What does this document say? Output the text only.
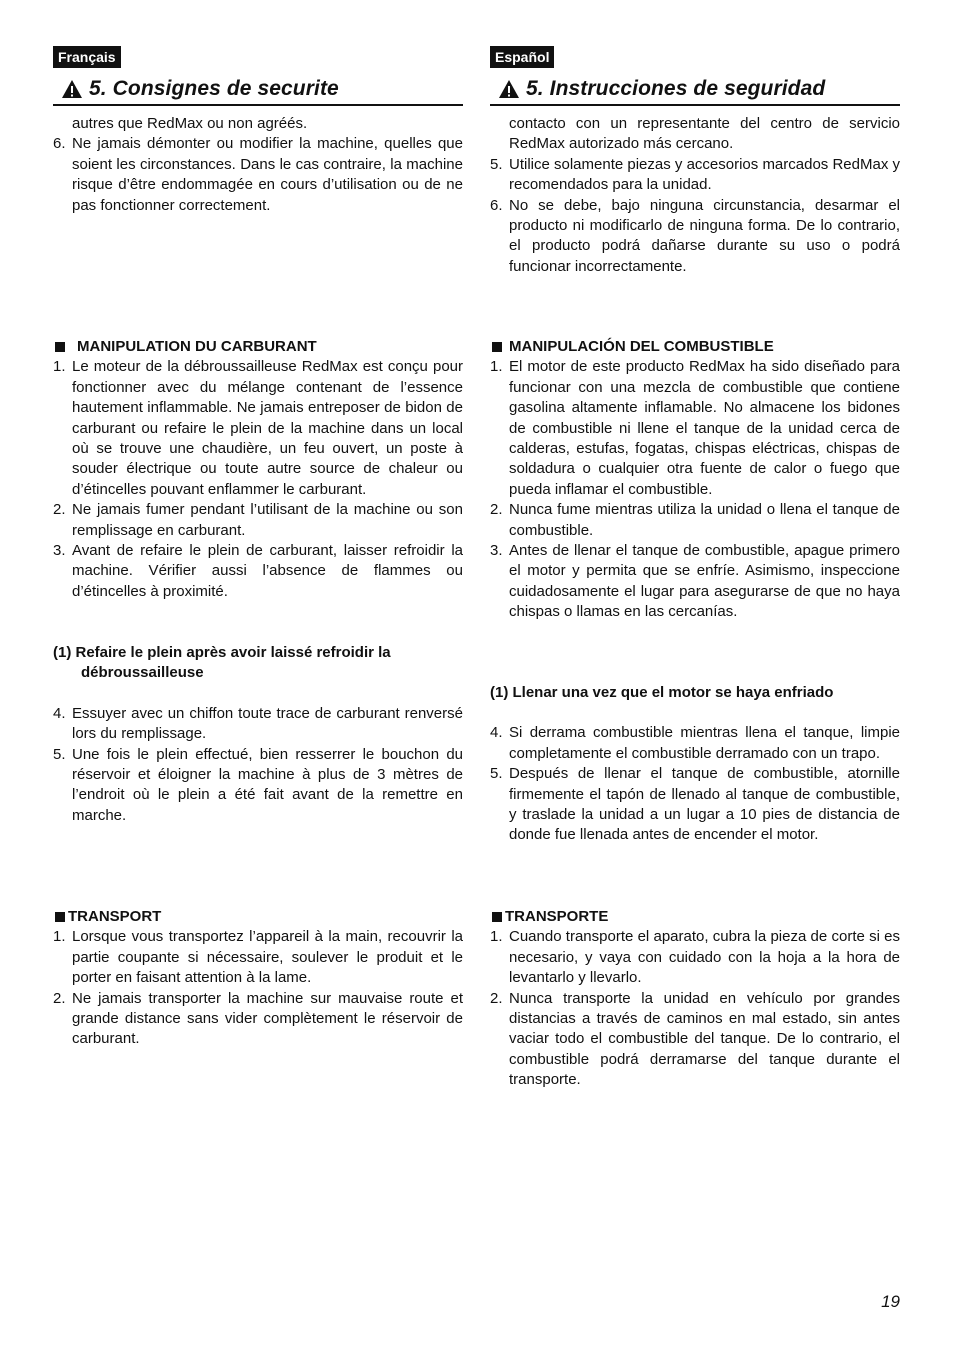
Français
5. Consignes de securite
autres que RedMax ou non agréés.
6. Ne jamais démonter ou modifier la machine, quelles que soient les circonstances. Dans le cas contraire, la machine risque d’être endommagée en cours d’utilisation ou de ne pas fonctionner correctement.
MANIPULATION DU CARBURANT
1. Le moteur de la débroussailleuse RedMax est conçu pour fonctionner avec du mélange contenant de l’essence hautement inflammable. Ne jamais entreposer de bidon de carburant ou refaire le plein de la machine dans un local où se trouve une chaudière, un feu ouvert, un poste à souder électrique ou toute autre source de chaleur ou d’étincelles pouvant enflammer le carburant.
2. Ne jamais fumer pendant l’utilisant de la machine ou son remplissage en carburant.
3. Avant de refaire le plein de carburant, laisser refroidir la machine. Vérifier aussi l’absence de flammes ou d’étincelles à proximité.
(1) Refaire le plein après avoir laissé refroidir la
débroussailleuse
4. Essuyer avec un chiffon toute trace de carburant renversé lors du remplissage.
5. Une fois le plein effectué, bien resserrer le bouchon du réservoir et éloigner la machine à plus de 3 mètres de l’endroit où le plein a été fait avant de la remettre en marche.
TRANSPORT
1. Lorsque vous transportez l’appareil à la main, recouvrir la partie coupante si nécessaire, soulever le produit et le porter en faisant attention à la lame.
2. Ne jamais transporter la machine sur mauvaise route et grande distance sans vider complètement le réservoir de carburant.
Español
5. Instrucciones de seguridad
contacto con un representante del centro de servicio RedMax autorizado más cercano.
5. Utilice solamente piezas y accesorios marcados RedMax y recomendados para la unidad.
6. No se debe, bajo ninguna circunstancia, desarmar el producto ni modificarlo de ninguna forma. De lo contrario, el producto podrá dañarse durante su uso o podrá funcionar incorrectamente.
MANIPULACIÓN DEL COMBUSTIBLE
1. El motor de este producto RedMax ha sido diseñado para funcionar con una mezcla de combustible que contiene gasolina altamente inflamable. No almacene los bidones de combustible ni llene el tanque de la unidad cerca de calderas, estufas, fogatas, chispas eléctricas, chispas de soldadura o cualquier otra fuente de calor o fuego que pueda inflamar el combustible.
2. Nunca fume mientras utiliza la unidad o llena el tanque de combustible.
3. Antes de llenar el tanque de combustible, apague primero el motor y permita que se enfríe. Asimismo, inspeccione cuidadosamente el lugar para asegurarse de que no haya chispas o llamas en las cercanías.
(1) Llenar una vez que el motor se haya enfriado
4. Si derrama combustible mientras llena el tanque, limpie completamente el combustible derramado con un trapo.
5. Después de llenar el tanque de combustible, atornille firmemente el tapón de llenado al tanque de combustible, y traslade la unidad a un lugar a 10 pies de distancia de donde fue llenada antes de encender el motor.
TRANSPORTE
1. Cuando transporte el aparato, cubra la pieza de corte si es necesario, y vaya con cuidado con la hoja a la hora de levantarlo y llevarlo.
2. Nunca transporte la unidad en vehículo por grandes distancias a través de caminos en mal estado, sin antes vaciar todo el combustible del tanque. De lo contrario, el combustible podrá derramarse del tanque durante el transporte.
19
